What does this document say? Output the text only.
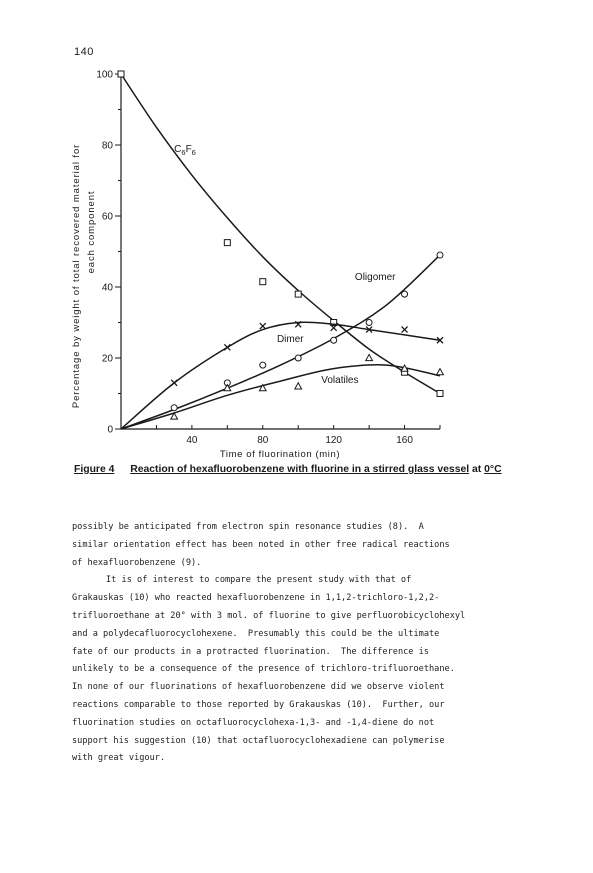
140
40	80	120	160
0
20
40
60
80
100
Time of fluorination (min)
Percentage by weight of total recovered material for each component
$C_6F_6$
Oligomer
Dimer
Volatiles
Figure 4 Reaction of hexafluorobenzene with fluorine in a stirred glass vessel at 0°C

possibly be anticipated from electron spin resonance studies (8).  A

similar orientation effect has been noted in other free radical reactions

of hexafluorobenzene (9).

It is of interest to compare the present study with that of

Grakauskas (10) who reacted hexafluorobenzene in 1,1,2-trichloro-1,2,2-

trifluoroethane at 20° with 3 mol. of fluorine to give perfluorobicyclohexyl

and a polydecafluorocyclohexene.  Presumably this could be the ultimate

fate of our products in a protracted fluorination.  The difference is

unlikely to be a consequence of the presence of trichloro-trifluoroethane.

In none of our fluorinations of hexafluorobenzene did we observe violent

reactions comparable to those reported by Grakauskas (10).  Further, our

fluorination studies on octafluorocyclohexa-1,3- and -1,4-diene do not

support his suggestion (10) that octafluorocyclohexadiene can polymerise

with great vigour.
